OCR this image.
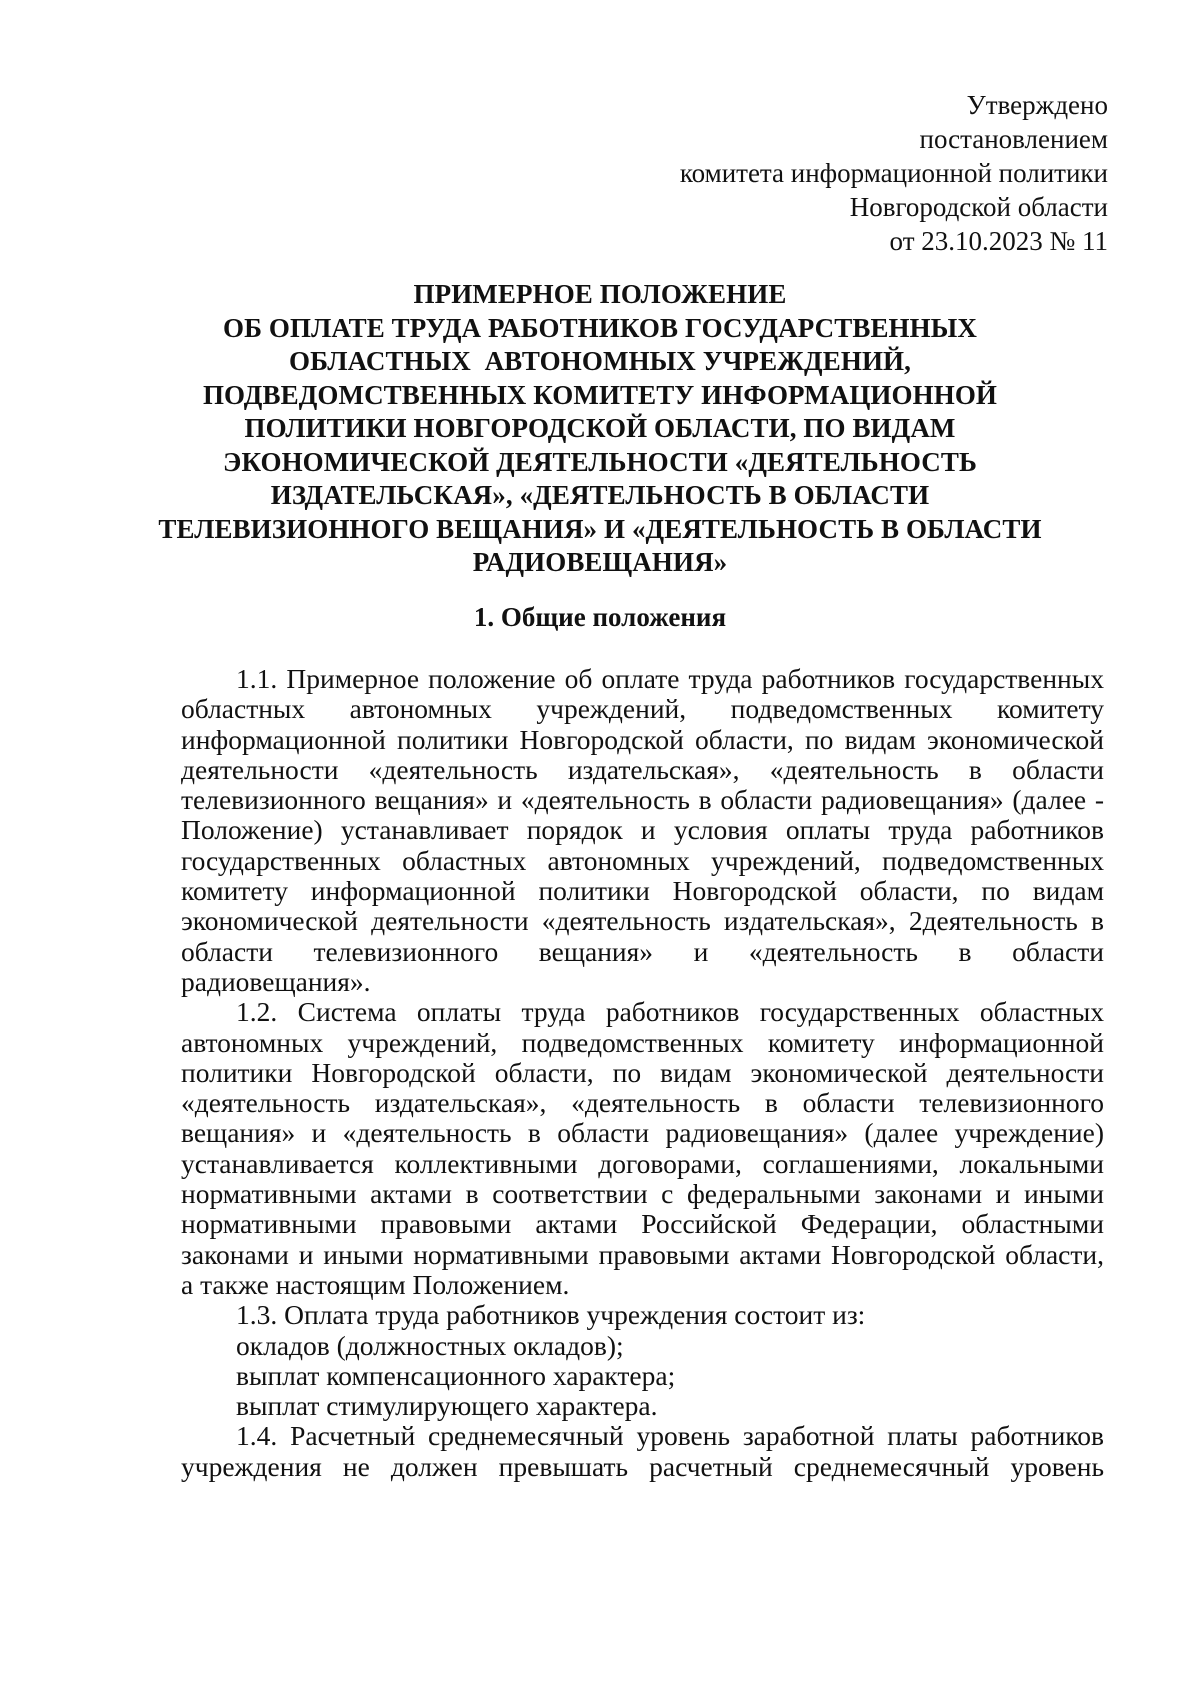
Утверждено
постановлением
комитета информационной политики
Новгородской области
от 23.10.2023 № 11
ПРИМЕРНОЕ ПОЛОЖЕНИЕ
ОБ ОПЛАТЕ ТРУДА РАБОТНИКОВ ГОСУДАРСТВЕННЫХ
ОБЛАСТНЫХ  АВТОНОМНЫХ УЧРЕЖДЕНИЙ,
ПОДВЕДОМСТВЕННЫХ КОМИТЕТУ ИНФОРМАЦИОННОЙ
ПОЛИТИКИ НОВГОРОДСКОЙ ОБЛАСТИ, ПО ВИДАМ
ЭКОНОМИЧЕСКОЙ ДЕЯТЕЛЬНОСТИ «ДЕЯТЕЛЬНОСТЬ
ИЗДАТЕЛЬСКАЯ», «ДЕЯТЕЛЬНОСТЬ В ОБЛАСТИ
ТЕЛЕВИЗИОННОГО ВЕЩАНИЯ» И «ДЕЯТЕЛЬНОСТЬ В ОБЛАСТИ
РАДИОВЕЩАНИЯ»
1. Общие положения
1.1. Примерное положение об оплате труда работников государственных
областных автономных учреждений, подведомственных комитету
информационной политики Новгородской области, по видам экономической
деятельности «деятельность издательская», «деятельность в области
телевизионного вещания» и «деятельность в области радиовещания» (далее -
Положение) устанавливает порядок и условия оплаты труда работников
государственных областных автономных учреждений, подведомственных
комитету информационной политики Новгородской области, по видам
экономической деятельности «деятельность издательская», 2деятельность в
области телевизионного вещания» и «деятельность в области
радиовещания».
1.2. Система оплаты труда работников государственных областных
автономных учреждений, подведомственных комитету информационной
политики Новгородской области, по видам экономической деятельности
«деятельность издательская», «деятельность в области телевизионного
вещания» и «деятельность в области радиовещания» (далее учреждение)
устанавливается коллективными договорами, соглашениями, локальными
нормативными актами в соответствии с федеральными законами и иными
нормативными правовыми актами Российской Федерации, областными
законами и иными нормативными правовыми актами Новгородской области,
а также настоящим Положением.
1.3. Оплата труда работников учреждения состоит из:
окладов (должностных окладов);
выплат компенсационного характера;
выплат стимулирующего характера.
1.4. Расчетный среднемесячный уровень заработной платы работников
учреждения не должен превышать расчетный среднемесячный уровень
